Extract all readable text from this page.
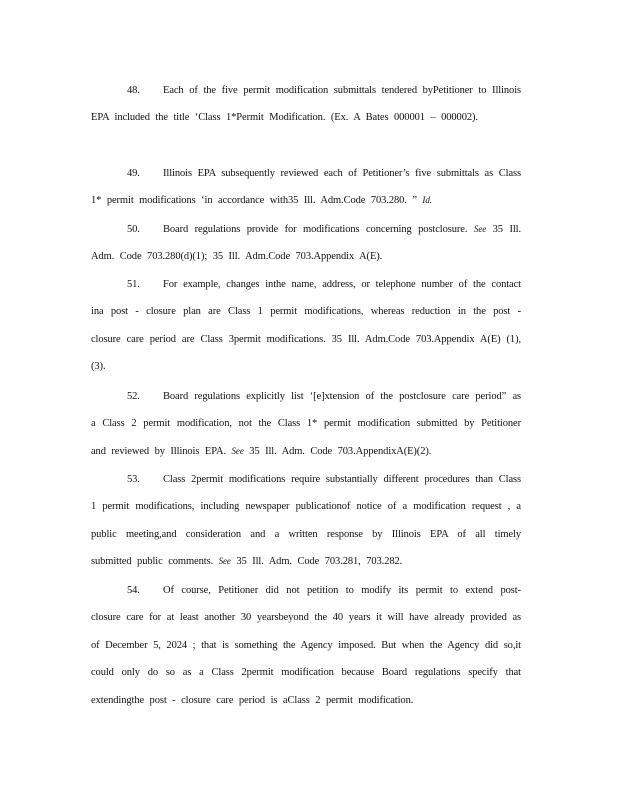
48. Each of the five permit modification submittals tendered byPetitioner to Illinois EPA included the title ‘Class 1*Permit Modification. (Ex. A Bates 000001 – 000002).

49. Illinois EPA subsequently reviewed each of Petitioner’s five submittals as Class 1* permit modifications ‘in accordance with35 Ill. Adm.Code 703.280. ” Id.

50. Board regulations provide for modifications concerning postclosure. See 35 Ill. Adm. Code 703.280(d)(1); 35 Ill. Adm.Code 703.Appendix A(E).

51. For example, changes inthe name, address, or telephone number of the contact ina post - closure plan are Class 1 permit modifications, whereas reduction in the post -closure care period are Class 3permit modifications. 35 Ill. Adm.Code 703.Appendix A(E) (1), (3).

52. Board regulations explicitly list ‘[e]xtension of the postclosure care period” as a Class 2 permit modification, not the Class 1* permit modification submitted by Petitioner and reviewed by Illinois EPA. See 35 Ill. Adm. Code 703.AppendixA(E)(2).

53. Class 2permit modifications require substantially different procedures than Class 1 permit modifications, including newspaper publicationof notice of a modification request , a public meeting,and consideration and a written response by Illinois EPA of all timely submitted public comments. See 35 Ill. Adm. Code 703.281, 703.282.

54. Of course, Petitioner did not petition to modify its permit to extend post-closure care for at least another 30 yearsbeyond the 40 years it will have already provided as of December 5, 2024 ; that is something the Agency imposed. But when the Agency did so,it could only do so as a Class 2permit modification because Board regulations specify that extendingthe post - closure care period is aClass 2 permit modification.
